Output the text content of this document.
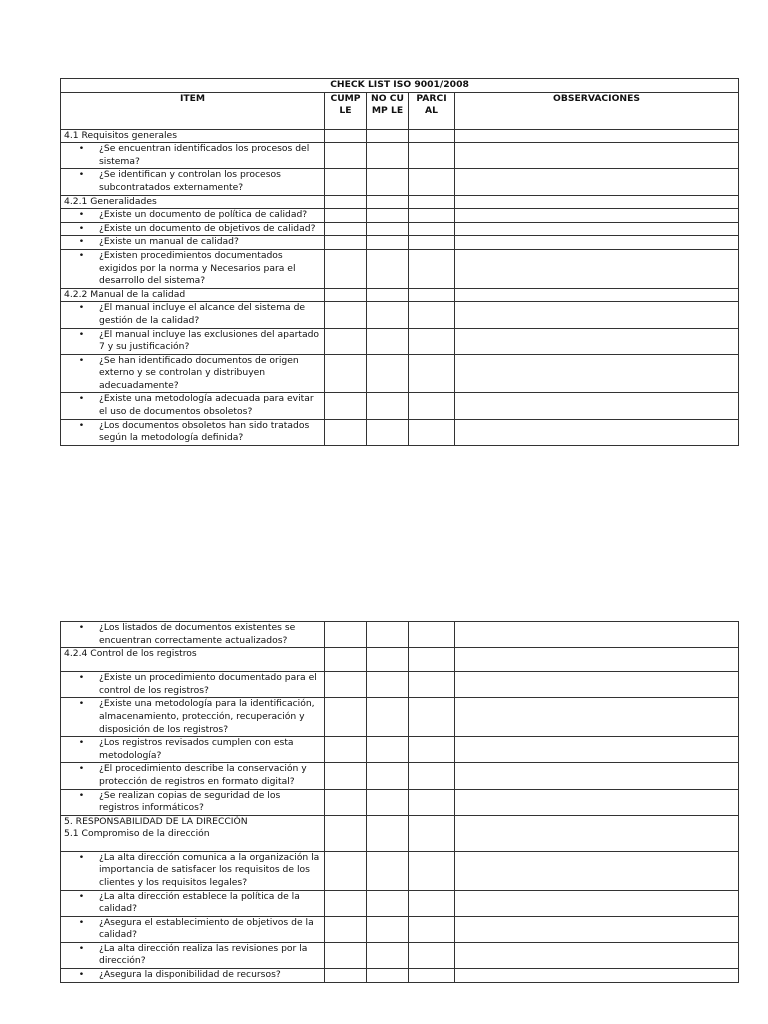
CHECK LIST ISO 9001/2008				
ITEM	CUMP LE	NO CUMP LE	PARCI AL	OBSERVACIONES

4.1 Requisitos generales				

• ¿Se encuentran identificados los procesos del sistema?				

• ¿Se identifican y controlan los procesos subcontratados externamente?				

4.2.1 Generalidades				

• ¿Existe un documento de política de calidad?				

• ¿Existe un documento de objetivos de calidad?				

• ¿Existe un manual de calidad?				

• ¿Existen procedimientos documentados exigidos por la norma y Necesarios para el desarrollo del sistema?				

4.2.2 Manual de la calidad				

• ¿El manual incluye el alcance del sistema de gestión de la calidad?				

• ¿El manual incluye las exclusiones del apartado 7 y su justificación?				

• ¿Se han identificado documentos de origen externo y se controlan y distribuyen adecuadamente?				

• ¿Existe una metodología adecuada para evitar el uso de documentos obsoletos?				

• ¿Los documentos obsoletos han sido tratados según la metodología definida?				

• ¿Los listados de documentos existentes se encuentran correctamente actualizados?				

4.2.4 Control de los registros				

• ¿Existe un procedimiento documentado para el control de los registros?				

• ¿Existe una metodología para la identificación, almacenamiento, protección, recuperación y disposición de los registros?				

• ¿Los registros revisados cumplen con esta metodología?				

• ¿El procedimiento describe la conservación y protección de registros en formato digital?				

• ¿Se realizan copias de seguridad de los registros informáticos?				

5. RESPONSABILIDAD DE LA DIRECCIÓN
5.1 Compromiso de la dirección				

• ¿La alta dirección comunica a la organización la importancia de satisfacer los requisitos de los clientes y los requisitos legales?				

• ¿La alta dirección establece la política de la calidad?				

• ¿Asegura el establecimiento de objetivos de la calidad?				

• ¿La alta dirección realiza las revisiones por la dirección?				

• ¿Asegura la disponibilidad de recursos?				
